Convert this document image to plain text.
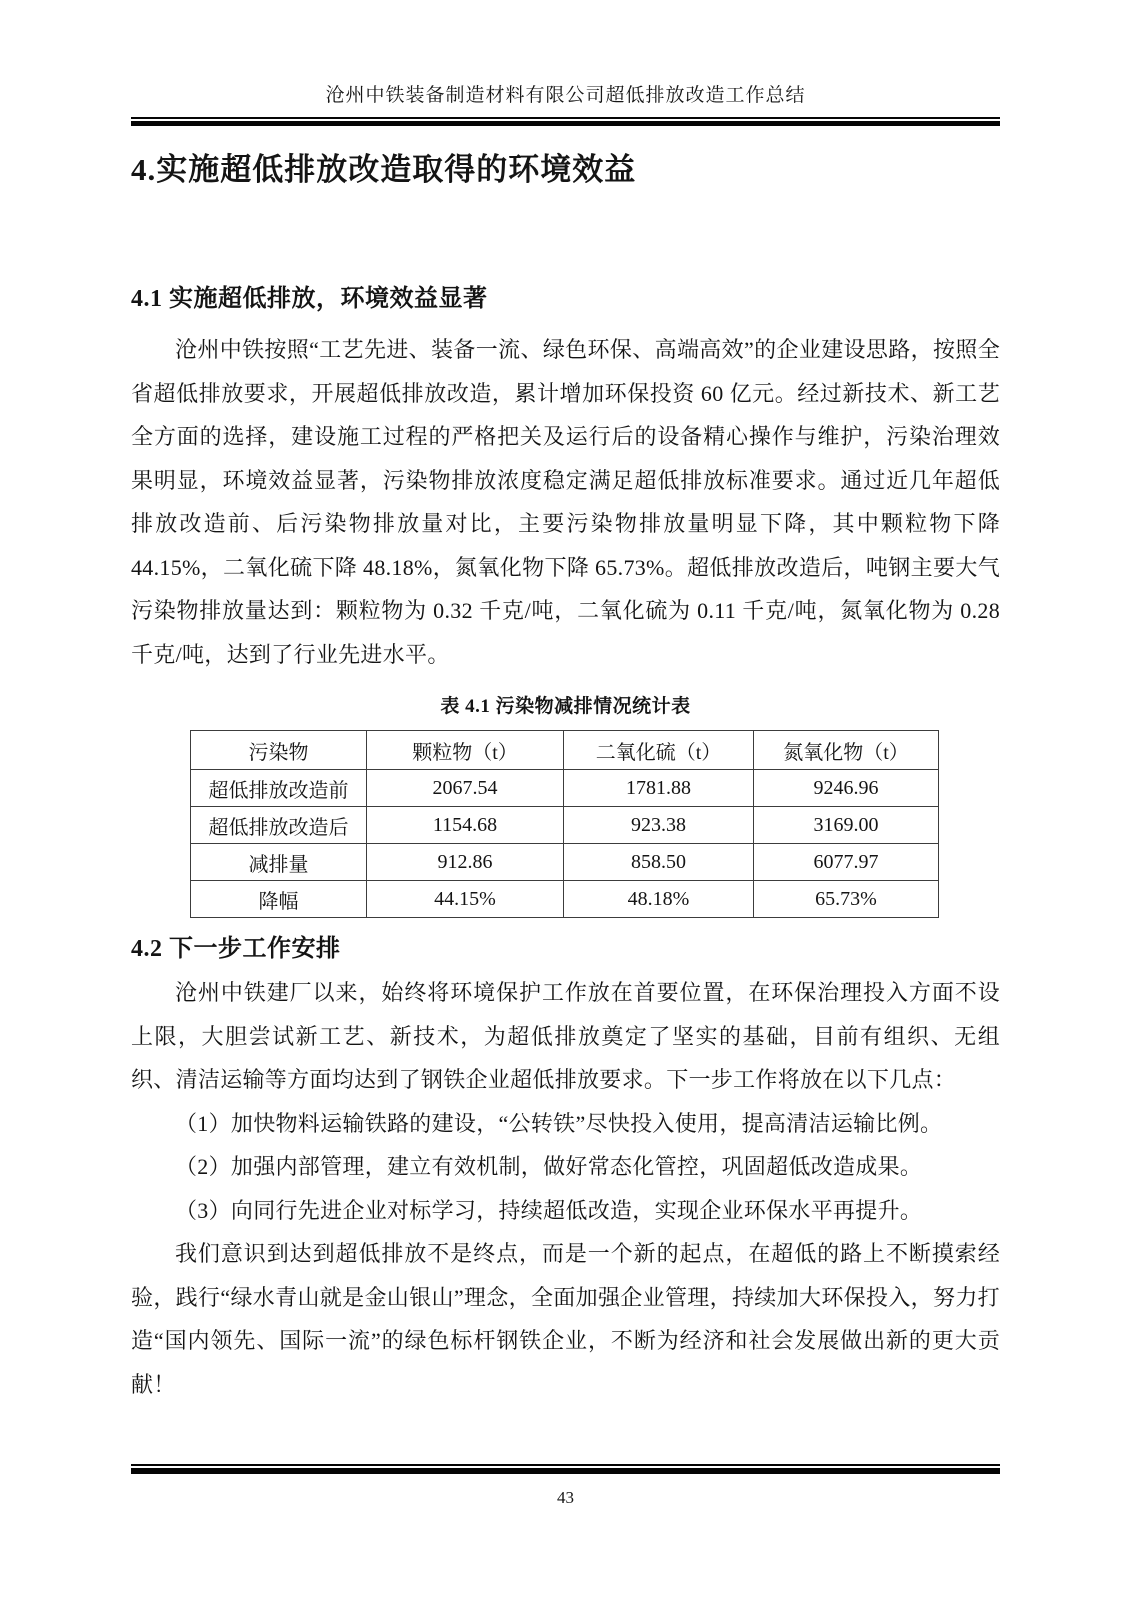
沧州中铁装备制造材料有限公司超低排放改造工作总结
4.实施超低排放改造取得的环境效益
4.1 实施超低排放，环境效益显著

沧州中铁按照“工艺先进、装备一流、绿色环保、高端高效”的企业建设思路，按照全省超低排放要求，开展超低排放改造，累计增加环保投资 60 亿元。经过新技术、新工艺全方面的选择，建设施工过程的严格把关及运行后的设备精心操作与维护，污染治理效果明显，环境效益显著，污染物排放浓度稳定满足超低排放标准要求。通过近几年超低排放改造前、后污染物排放量对比，主要污染物排放量明显下降，其中颗粒物下降 44.15%，二氧化硫下降 48.18%，氮氧化物下降 65.73%。超低排放改造后，吨钢主要大气污染物排放量达到：颗粒物为 0.32 千克/吨，二氧化硫为 0.11 千克/吨，氮氧化物为 0.28 千克/吨，达到了行业先进水平。

表 4.1 污染物减排情况统计表
污染物	颗粒物（t）	二氧化硫（t）	氮氧化物（t）
超低排放改造前	2067.54	1781.88	9246.96
超低排放改造后	1154.68	923.38	3169.00
减排量	912.86	858.50	6077.97
降幅	44.15%	48.18%	65.73%
4.2 下一步工作安排

沧州中铁建厂以来，始终将环境保护工作放在首要位置，在环保治理投入方面不设上限，大胆尝试新工艺、新技术，为超低排放奠定了坚实的基础，目前有组织、无组织、清洁运输等方面均达到了钢铁企业超低排放要求。下一步工作将放在以下几点：

（1）加快物料运输铁路的建设，“公转铁”尽快投入使用，提高清洁运输比例。

（2）加强内部管理，建立有效机制，做好常态化管控，巩固超低改造成果。

（3）向同行先进企业对标学习，持续超低改造，实现企业环保水平再提升。

我们意识到达到超低排放不是终点，而是一个新的起点，在超低的路上不断摸索经验，践行“绿水青山就是金山银山”理念，全面加强企业管理，持续加大环保投入，努力打造“国内领先、国际一流”的绿色标杆钢铁企业，不断为经济和社会发展做出新的更大贡献！

43
